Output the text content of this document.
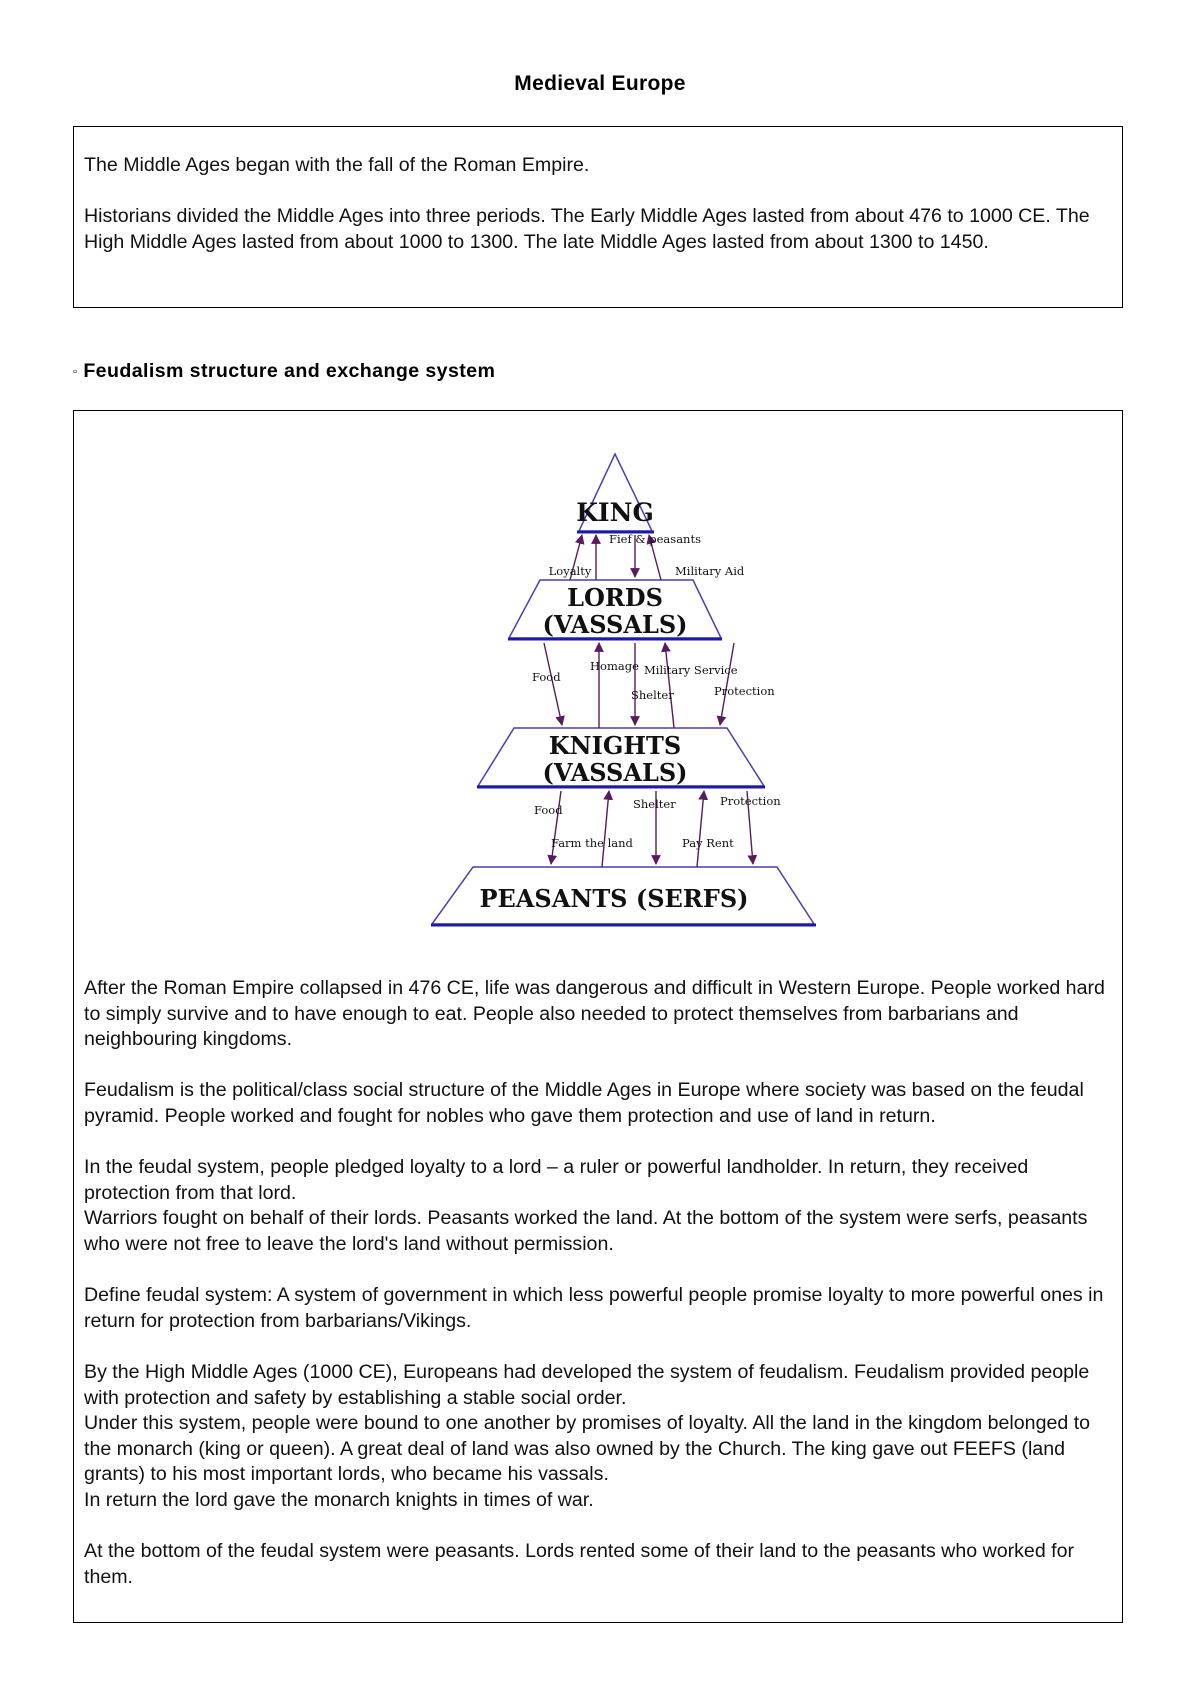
Medieval Europe

The Middle Ages began with the fall of the Roman Empire.

Historians divided the Middle Ages into three periods. The Early Middle Ages lasted from about 476 to 1000 CE. The High Middle Ages lasted from about 1000 to 1300. The late Middle Ages lasted from about 1300 to 1450.

▫ Feudalism structure and exchange system
KING
LORDS
(VASSALS)
KNIGHTS
(VASSALS)
PEASANTS (SERFS)
Fief & peasants
Loyalty	Military Aid
Food
Homage Military Service
Shelter	Protection
Food	Shelter	Protection
Farm the land	Pay Rent

After the Roman Empire collapsed in 476 CE, life was dangerous and difficult in Western Europe. People worked hard to simply survive and to have enough to eat. People also needed to protect themselves from barbarians and neighbouring kingdoms.

Feudalism is the political/class social structure of the Middle Ages in Europe where society was based on the feudal pyramid. People worked and fought for nobles who gave them protection and use of land in return.

In the feudal system, people pledged loyalty to a lord – a ruler or powerful landholder. In return, they received protection from that lord.

Warriors fought on behalf of their lords. Peasants worked the land. At the bottom of the system were serfs, peasants who were not free to leave the lord's land without permission.

Define feudal system: A system of government in which less powerful people promise loyalty to more powerful ones in return for protection from barbarians/Vikings.

By the High Middle Ages (1000 CE), Europeans had developed the system of feudalism. Feudalism provided people with protection and safety by establishing a stable social order.

Under this system, people were bound to one another by promises of loyalty. All the land in the kingdom belonged to the monarch (king or queen). A great deal of land was also owned by the Church. The king gave out FEEFS (land grants) to his most important lords, who became his vassals.

In return the lord gave the monarch knights in times of war.

At the bottom of the feudal system were peasants. Lords rented some of their land to the peasants who worked for them.
